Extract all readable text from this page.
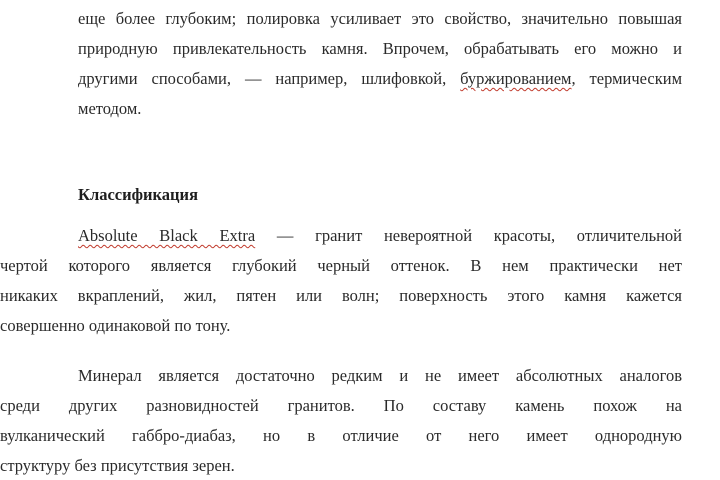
еще более глубоким; полировка усиливает это свойство, значительно повышая
природную привлекательность камня. Впрочем, обрабатывать его можно и
другими способами, — например, шлифовкой, буржированием, термическим
методом.
Классификация
Absolute Black Extra — гранит невероятной красоты, отличительной
чертой которого является глубокий черный оттенок. В нем практически нет
никаких вкраплений, жил, пятен или волн; поверхность этого камня кажется
совершенно одинаковой по тону.
Минерал является достаточно редким и не имеет абсолютных аналогов
среди других разновидностей гранитов. По составу камень похож на
вулканический габбро-диабаз, но в отличие от него имеет однородную
структуру без присутствия зерен.
